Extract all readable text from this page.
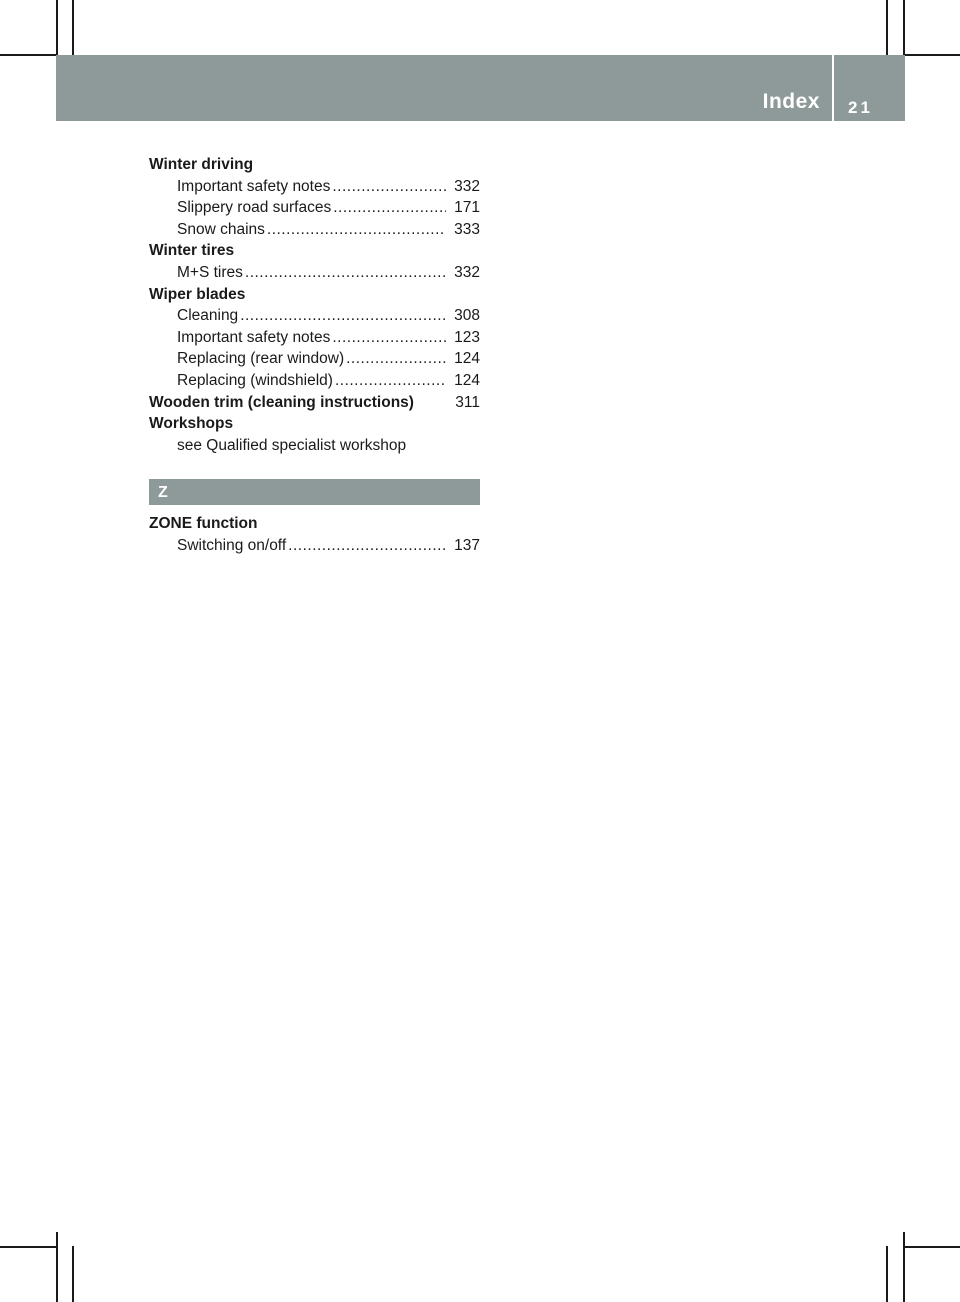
Index 21
Winter driving
Important safety notes .....	332
Slippery road surfaces .....	171
Snow chains .....	333
Winter tires
M+S tires .....	332
Wiper blades
Cleaning .....	308
Important safety notes .....	123
Replacing (rear window) .....	124
Replacing (windshield) .....	124
Wooden trim (cleaning instructions)	311
Workshops
see Qualified specialist workshop
Z
ZONE function
Switching on/off .....	137
